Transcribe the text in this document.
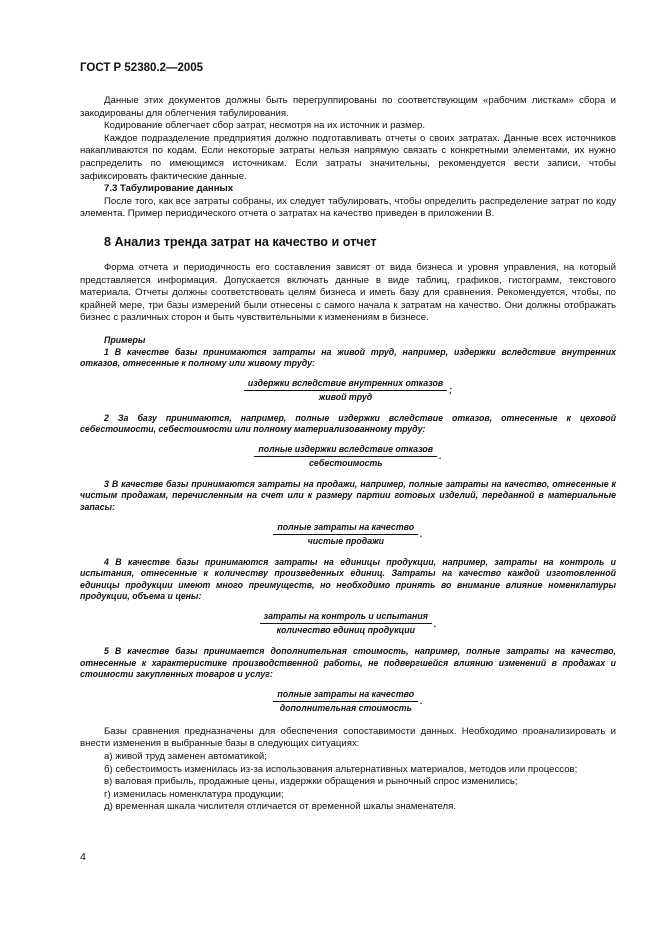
ГОСТ Р 52380.2—2005

Данные этих документов должны быть перегруппированы по соответствующим «рабочим листкам» сбора и закодированы для облегчения табулирования.

Кодирование облегчает сбор затрат, несмотря на их источник и размер.

Каждое подразделение предприятия должно подготавливать отчеты о своих затратах. Данные всех источников накапливаются по кодам. Если некоторые затраты нельзя напрямую связать с конкретными элементами, их нужно распределить по имеющимся источникам. Если затраты значительны, рекомендуется вести записи, чтобы зафиксировать фактические данные.

7.3 Табулирование данных

После того, как все затраты собраны, их следует табулировать, чтобы определить распределение затрат по коду элемента. Пример периодического отчета о затратах на качество приведен в приложении В.

8 Анализ тренда затрат на качество и отчет

Форма отчета и периодичность его составления зависят от вида бизнеса и уровня управления, на который представляется информация. Допускается включать данные в виде таблиц, графиков, гистограмм, текстового материала. Отчеты должны соответствовать целям бизнеса и иметь базу для сравнения. Рекомендуется, чтобы, по крайней мере, три базы измерений были отнесены с самого начала к затратам на качество. Они должны отображать бизнес с различных сторон и быть чувствительными к изменениям в бизнесе.

Примеры
1 В качестве базы принимаются затраты на живой труд, например, издержки вследствие внутренних отказов, отнесенные к полному или живому труду:
$\frac{\text{издержки вследствие внутренних отказов}}{\text{живой труд}}$ ;
2 За базу принимаются, например, полные издержки вследствие отказов, отнесенные к цеховой себестоимости, себестоимости или полному материализованному труду:
$\frac{\text{полные издержки вследствие отказов}}{\text{себестоимость}}$ .
3 В качестве базы принимаются затраты на продажи, например, полные затраты на качество, отнесенные к чистым продажам, перечисленным на счет или к размеру партии готовых изделий, переданной в материальные запасы:
$\frac{\text{полные затраты на качество}}{\text{чистые продажи}}$ .
4 В качестве базы принимаются затраты на единицы продукции, например, затраты на контроль и испытания, отнесенные к количеству произведенных единиц. Затраты на качество каждой изготовленной единицы продукции имеют много преимуществ, но необходимо принять во внимание влияние номенклатуры продукции, объема и цены:
$\frac{\text{затраты на контроль и испытания}}{\text{количество единиц продукции}}$ .
5 В качестве базы принимается дополнительная стоимость, например, полные затраты на качество, отнесенные к характеристике производственной работы, не подвергшейся влиянию изменений в продажах и стоимости закупленных товаров и услуг:
$\frac{\text{полные затраты на качество}}{\text{дополнительная стоимость}}$ .

Базы сравнения предназначены для обеспечения сопоставимости данных. Необходимо проанализировать и внести изменения в выбранные базы в следующих ситуациях:

а) живой труд заменен автоматикой;

б) себестоимость изменилась из-за использования альтернативных материалов, методов или процессов;

в) валовая прибыль, продажные цены, издержки обращения и рыночный спрос изменились;

г) изменилась номенклатура продукции;

д) временная шкала числителя отличается от временной шкалы знаменателя.

4
